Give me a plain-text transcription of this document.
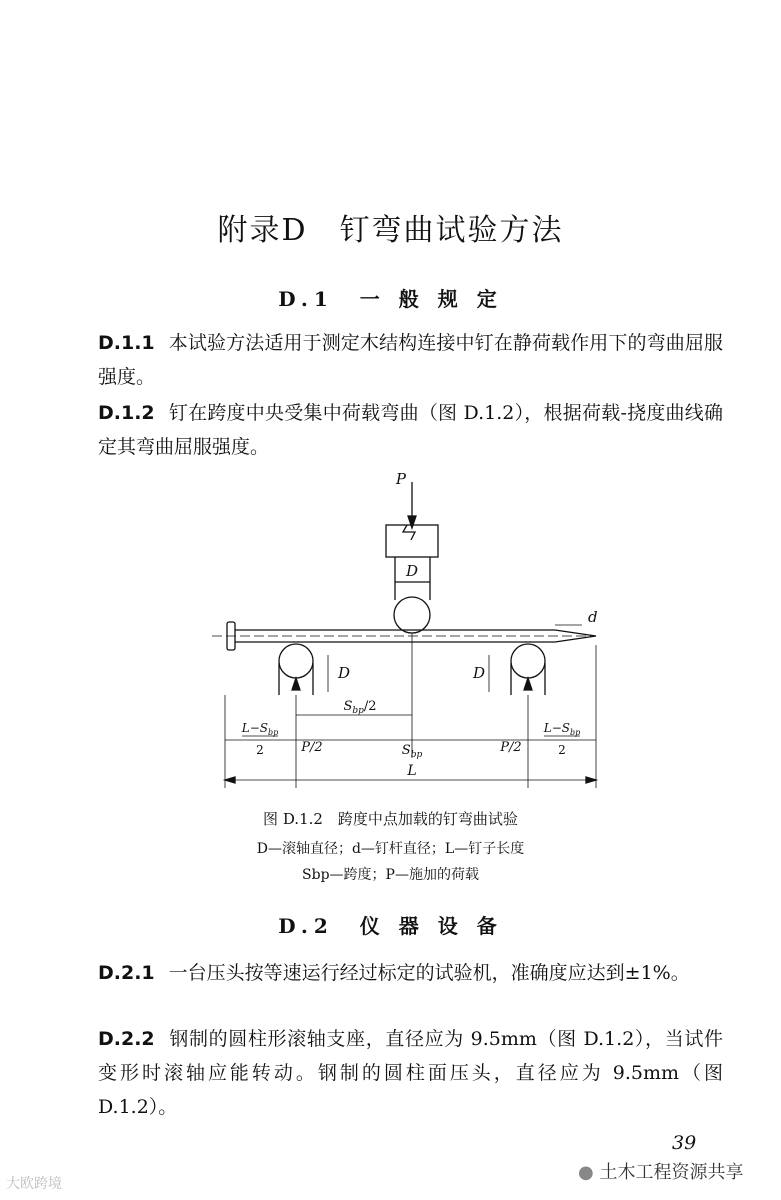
附录D　钉弯曲试验方法
D.1　一 般 规 定
D.1.1 本试验方法适用于测定木结构连接中钉在静荷载作用下的弯曲屈服强度。
D.1.2 钉在跨度中央受集中荷载弯曲（图 D.1.2），根据荷载-挠度曲线确定其弯曲屈服强度。
P
D
d
D	D
$S_{bp}/2$
P/2	P/2
$S_{bp}$
$L-S_{bp}$
2
$L-S_{bp}$
2
L
图 D.1.2　跨度中点加载的钉弯曲试验
D—滚轴直径；d—钉杆直径；L—钉子长度
Sbp—跨度；P—施加的荷载
D.2　仪 器 设 备
D.2.1 一台压头按等速运行经过标定的试验机，准确度应达到±1%。
D.2.2 钢制的圆柱形滚轴支座，直径应为 9.5mm（图 D.1.2），当试件变形时滚轴应能转动。钢制的圆柱面压头，直径应为 9.5mm（图 D.1.2）。
39
● 土木工程资源共享
大欧跨境
